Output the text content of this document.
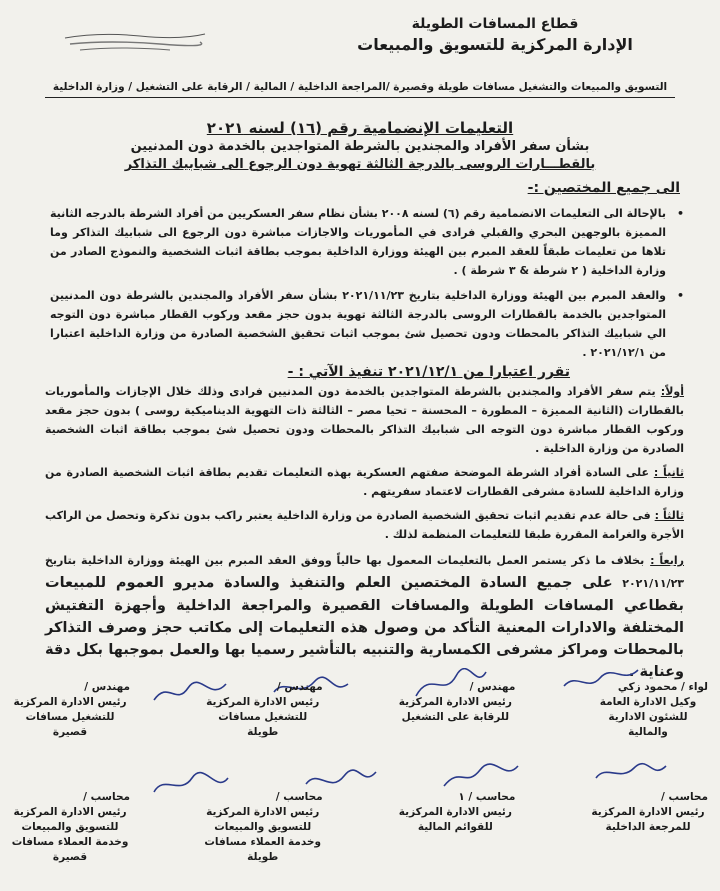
قطاع المسافات الطويلة
الإدارة المركزية للتسويق والمبيعات
التسويق والمبيعات والتشغيل مسافات طويلة وقصيرة /المراجعة الداخلية / المالية / الرقابة على التشغيل / وزارة الداخلية
التعليمات الإنضمامية رقم (١٦) لسنه ٢٠٢١
بشأن سفر الأفراد والمجندين بالشرطة المتواجدين بالخدمة دون المدنيين
بالقطـــارات الروسى بالدرجة الثالثة تهوية دون الرجوع الى شبابيك التذاكر
الى جميع المختصين :-
•
بالإحالة الى التعليمات الانضمامية رقم (٦) لسنه ٢٠٠٨ بشأن نظام سفر العسكريين من أفراد الشرطة بالدرجه الثانية المميزة بالوجهين البحري والقبلي فرادى في المأموريات والاجازات مباشرة دون الرجوع الى شبابيك التذاكر وما تلاها من تعليمات طبقاً للعقد المبرم بين الهيئة ووزارة الداخلية بموجب بطاقة اثبات الشخصية والنموذج الصادر من وزارة الداخلية ( ٢ شرطة & ٣ شرطة ) .
•
والعقد المبرم بين الهيئة ووزارة الداخلية بتاريخ ٢٠٢١/١١/٢٣ بشأن سفر الأفراد والمجندين بالشرطة دون المدنيين المتواجدين بالخدمة بالقطارات الروسى بالدرجة الثالثة تهوية بدون حجز مقعد وركوب القطار مباشرة دون التوجه الي شبابيك التذاكر بالمحطات ودون تحصيل شئ بموجب اثبات تحقيق الشخصية الصادرة من وزارة الداخلية اعتبارا من ٢٠٢١/١٢/١ .
تقرر اعتبارا من ٢٠٢١/١٢/١ تنفيذ الآتي : -
أولاً: يتم سفر الأفراد والمجندين بالشرطة المتواجدين بالخدمة دون المدنيين فرادى وذلك خلال الإجازات والمأموريات بالقطارات (الثانية المميزة – المطورة – المحسنة – تحيا مصر – الثالثة ذات التهوية الديناميكية روسى ) بدون حجز مقعد وركوب القطار مباشرة دون التوجه الى شبابيك التذاكر بالمحطات ودون تحصيل شئ بموجب بطاقة اثبات الشخصية الصادرة من وزارة الداخلية .
ثانياً : على السادة أفراد الشرطة الموضحة صفتهم العسكرية بهذه التعليمات تقديم بطاقة اثبات الشخصية الصادرة من وزارة الداخلية للسادة مشرفى القطارات لاعتماد سفريتهم .
ثالثاً : فى حالة عدم تقديم اثبات تحقيق الشخصية الصادرة من وزارة الداخلية يعتبر راكب بدون تذكرة وتحصل من الراكب الأجرة والغرامة المقررة طبقا للتعليمات المنظمة لذلك .
رابعاً : بخلاف ما ذكر يستمر العمل بالتعليمات المعمول بها حالياً ووفق العقد المبرم بين الهيئة ووزارة الداخلية بتاريخ ٢٠٢١/١١/٢٣ على جميع السادة المختصين العلم والتنفيذ والسادة مديرو العموم للمبيعات بقطاعي المسافات الطويلة والمسافات القصيرة والمراجعة الداخلية وأجهزة التفتيش المختلفة والادارات المعنية التأكد من وصول هذه التعليمات إلى مكاتب حجز وصرف التذاكر بالمحطات ومراكز مشرفى الكمسارية والتنبيه بالتأشير رسميا بها والعمل بموجبها بكل دقة وعناية .
لواء / محمود زكي
وكيل الادارة العامة للشئون الادارية والمالية
مهندس /
رئيس الادارة المركزية للرقابة على التشغيل
مهندس /
رئيس الادارة المركزية للتشغيل مسافات طويلة
مهندس /
رئيس الادارة المركزية للتشغيل مسافات قصيرة
محاسب /
رئيس الادارة المركزية للمرجعة الداخلية
محاسب / ١
رئيس الادارة المركزية للقوائم المالية
محاسب /
رئيس الادارة المركزية للتسويق والمبيعات وخدمة العملاء مسافات طويلة
محاسب /
رئيس الادارة المركزية للتسويق والمبيعات وخدمة العملاء مسافات قصيرة
